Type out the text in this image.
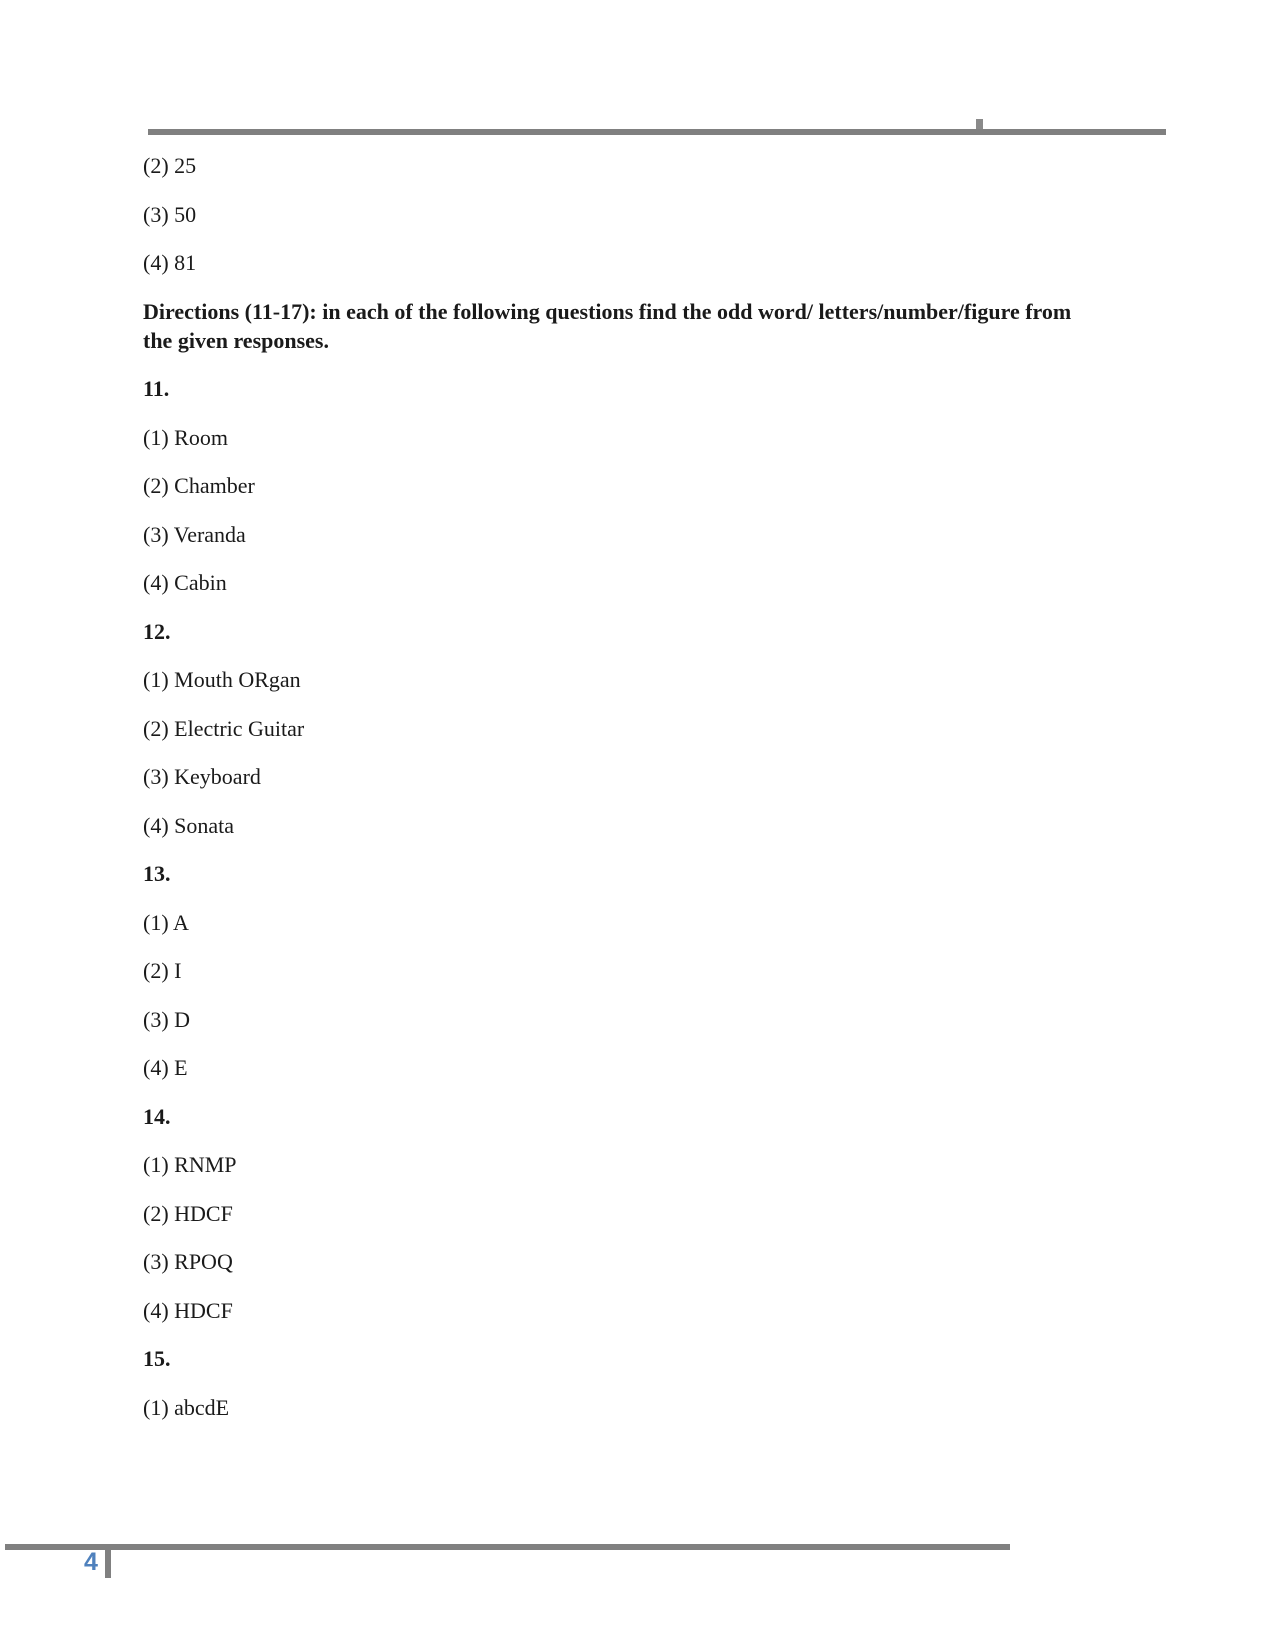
(2) 25

(3) 50

(4) 81

Directions (11-17): in each of the following questions find the odd word/ letters/number/figure from the given responses.

11.

(1) Room

(2) Chamber

(3) Veranda

(4) Cabin

12.

(1) Mouth ORgan

(2) Electric Guitar

(3) Keyboard

(4) Sonata

13.

(1) A

(2) I

(3) D

(4) E

14.

(1) RNMP

(2) HDCF

(3) RPOQ

(4) HDCF

15.

(1) abcdE

4
